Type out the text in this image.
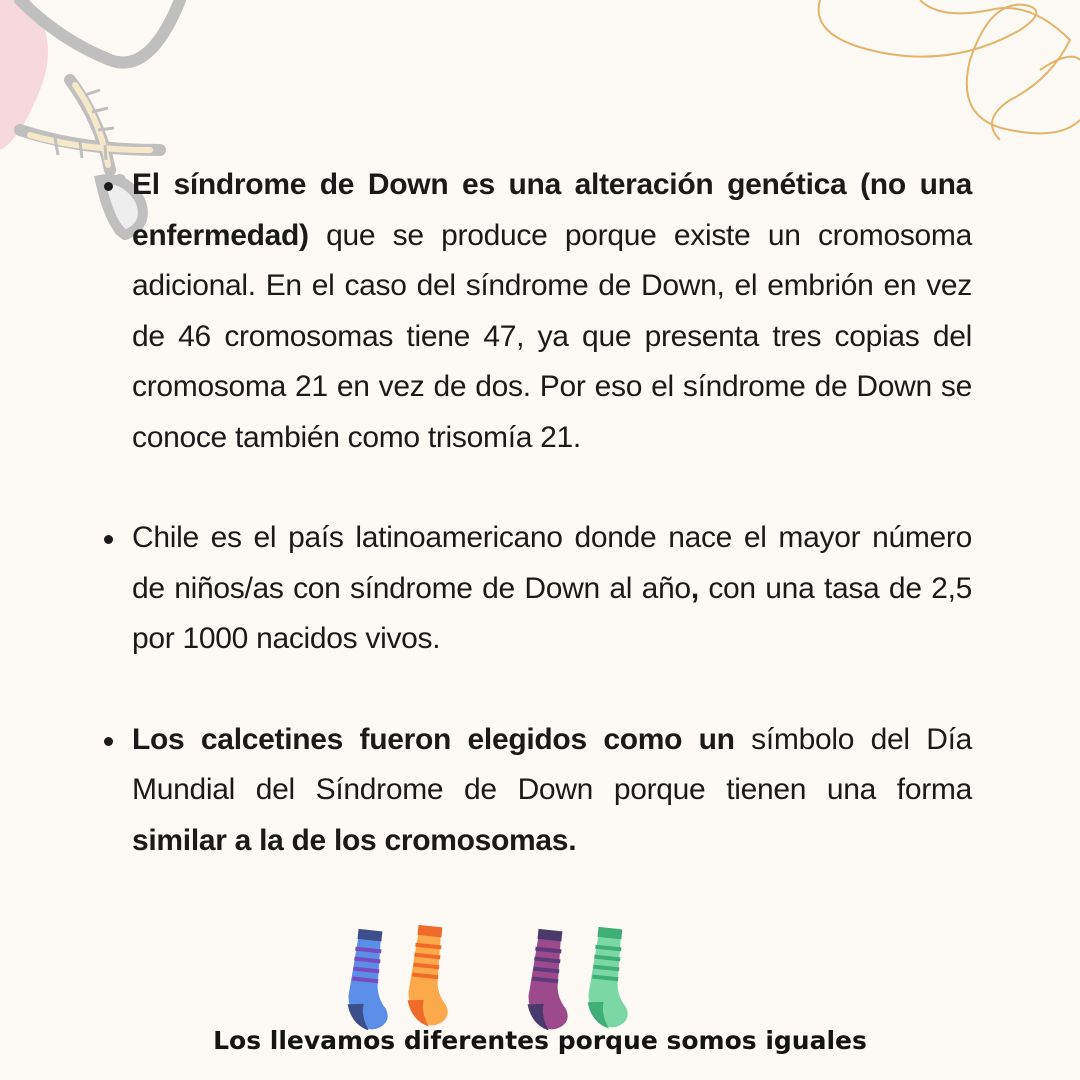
El síndrome de Down es una alteración genética (no una enfermedad) que se produce porque existe un cromosoma adicional. En el caso del síndrome de Down, el embrión en vez de 46 cromosomas tiene 47, ya que presenta tres copias del cromosoma 21 en vez de dos. Por eso el síndrome de Down se conoce también como trisomía 21.
Chile es el país latinoamericano donde nace el mayor número de niños/as con síndrome de Down al año, con una tasa de 2,5 por 1000 nacidos vivos.
Los calcetines fueron elegidos como un símbolo del Día Mundial del Síndrome de Down porque tienen una forma similar a la de los cromosomas.
Los llevamos diferentes porque somos iguales
